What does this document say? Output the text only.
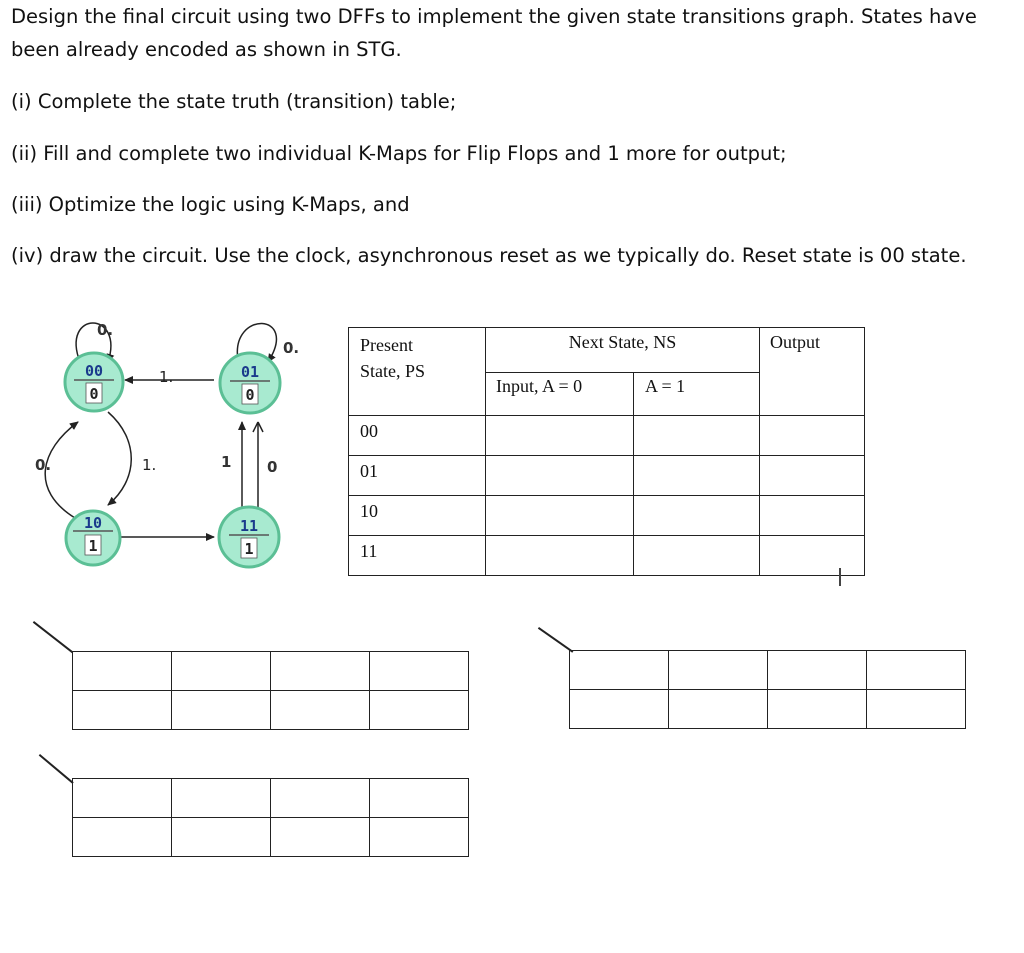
Design the final circuit using two DFFs to implement the given state transitions graph. States have

been already encoded as shown in STG.

(i) Complete the state truth (transition) table;

(ii) Fill and complete two individual K-Maps for Flip Flops and 1 more for output;

(iii) Optimize the logic using K-Maps, and

(iv) draw the circuit. Use the clock, asynchronous reset as we typically do. Reset state is 00 state.

00
0
01
0
10
1
11
1
0.
0.
1.
0.	1.	1 0
Present
State, PS	Next State, NS		Output
	Input, A = 0	A = 1	
00			
01			
10			
11			
